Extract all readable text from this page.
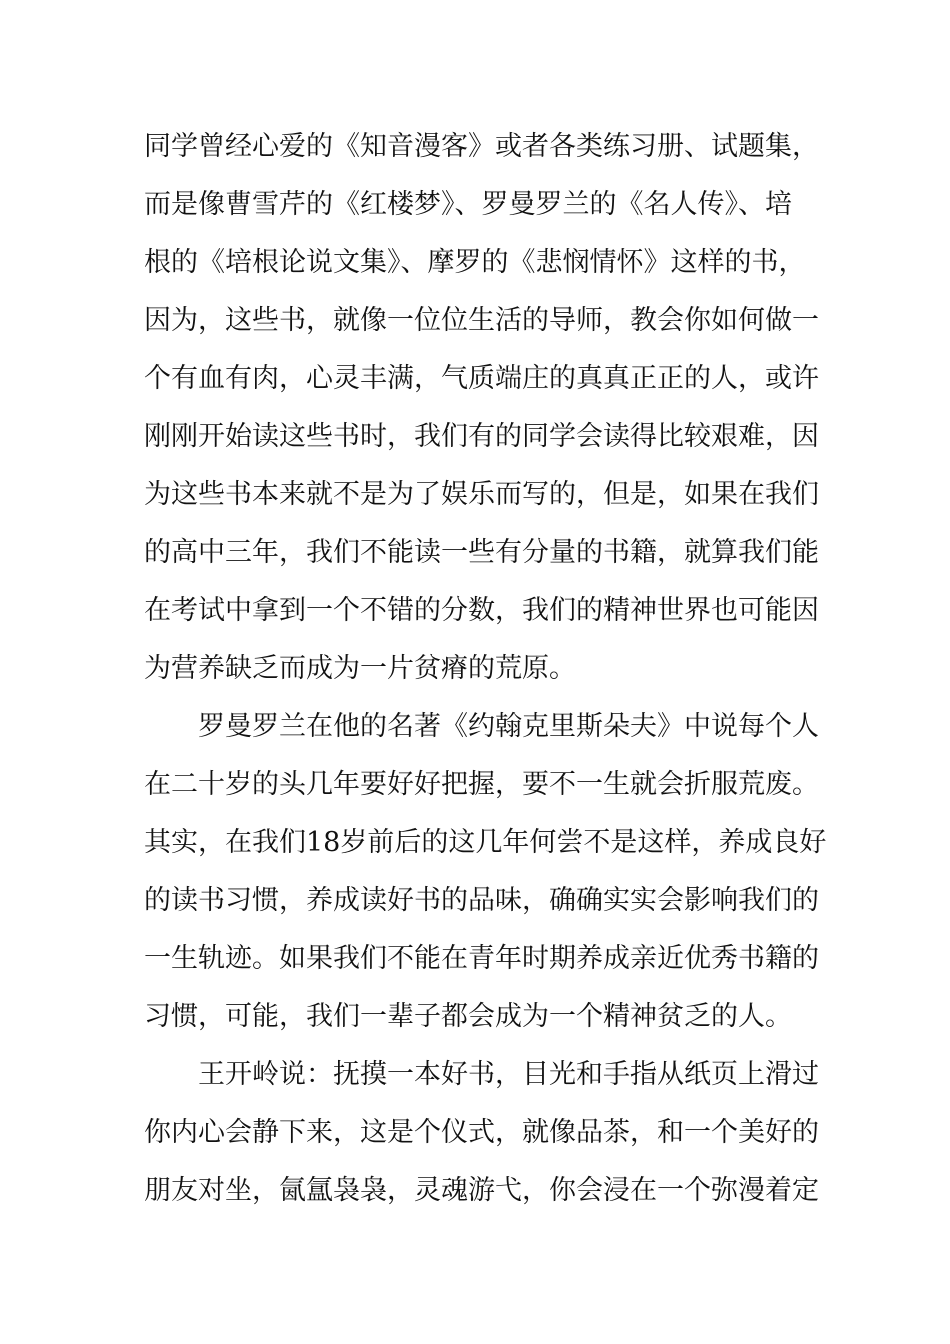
同学曾经心爱的《知音漫客》或者各类练习册、试题集，
而是像曹雪芹的《红楼梦》、罗曼罗兰的《名人传》、培
根的《培根论说文集》、摩罗的《悲悯情怀》这样的书，
因为，这些书，就像一位位生活的导师，教会你如何做一
个有血有肉，心灵丰满，气质端庄的真真正正的人，或许
刚刚开始读这些书时，我们有的同学会读得比较艰难，因
为这些书本来就不是为了娱乐而写的，但是，如果在我们
的高中三年，我们不能读一些有分量的书籍，就算我们能
在考试中拿到一个不错的分数，我们的精神世界也可能因
为营养缺乏而成为一片贫瘠的荒原。
罗曼罗兰在他的名著《约翰克里斯朵夫》中说每个人
在二十岁的头几年要好好把握，要不一生就会折服荒废。
其实，在我们18岁前后的这几年何尝不是这样，养成良好
的读书习惯，养成读好书的品味，确确实实会影响我们的
一生轨迹。如果我们不能在青年时期养成亲近优秀书籍的
习惯，可能，我们一辈子都会成为一个精神贫乏的人。
王开岭说：抚摸一本好书，目光和手指从纸页上滑过
你内心会静下来，这是个仪式，就像品茶，和一个美好的
朋友对坐，氤氲袅袅，灵魂游弋，你会浸在一个弥漫着定
